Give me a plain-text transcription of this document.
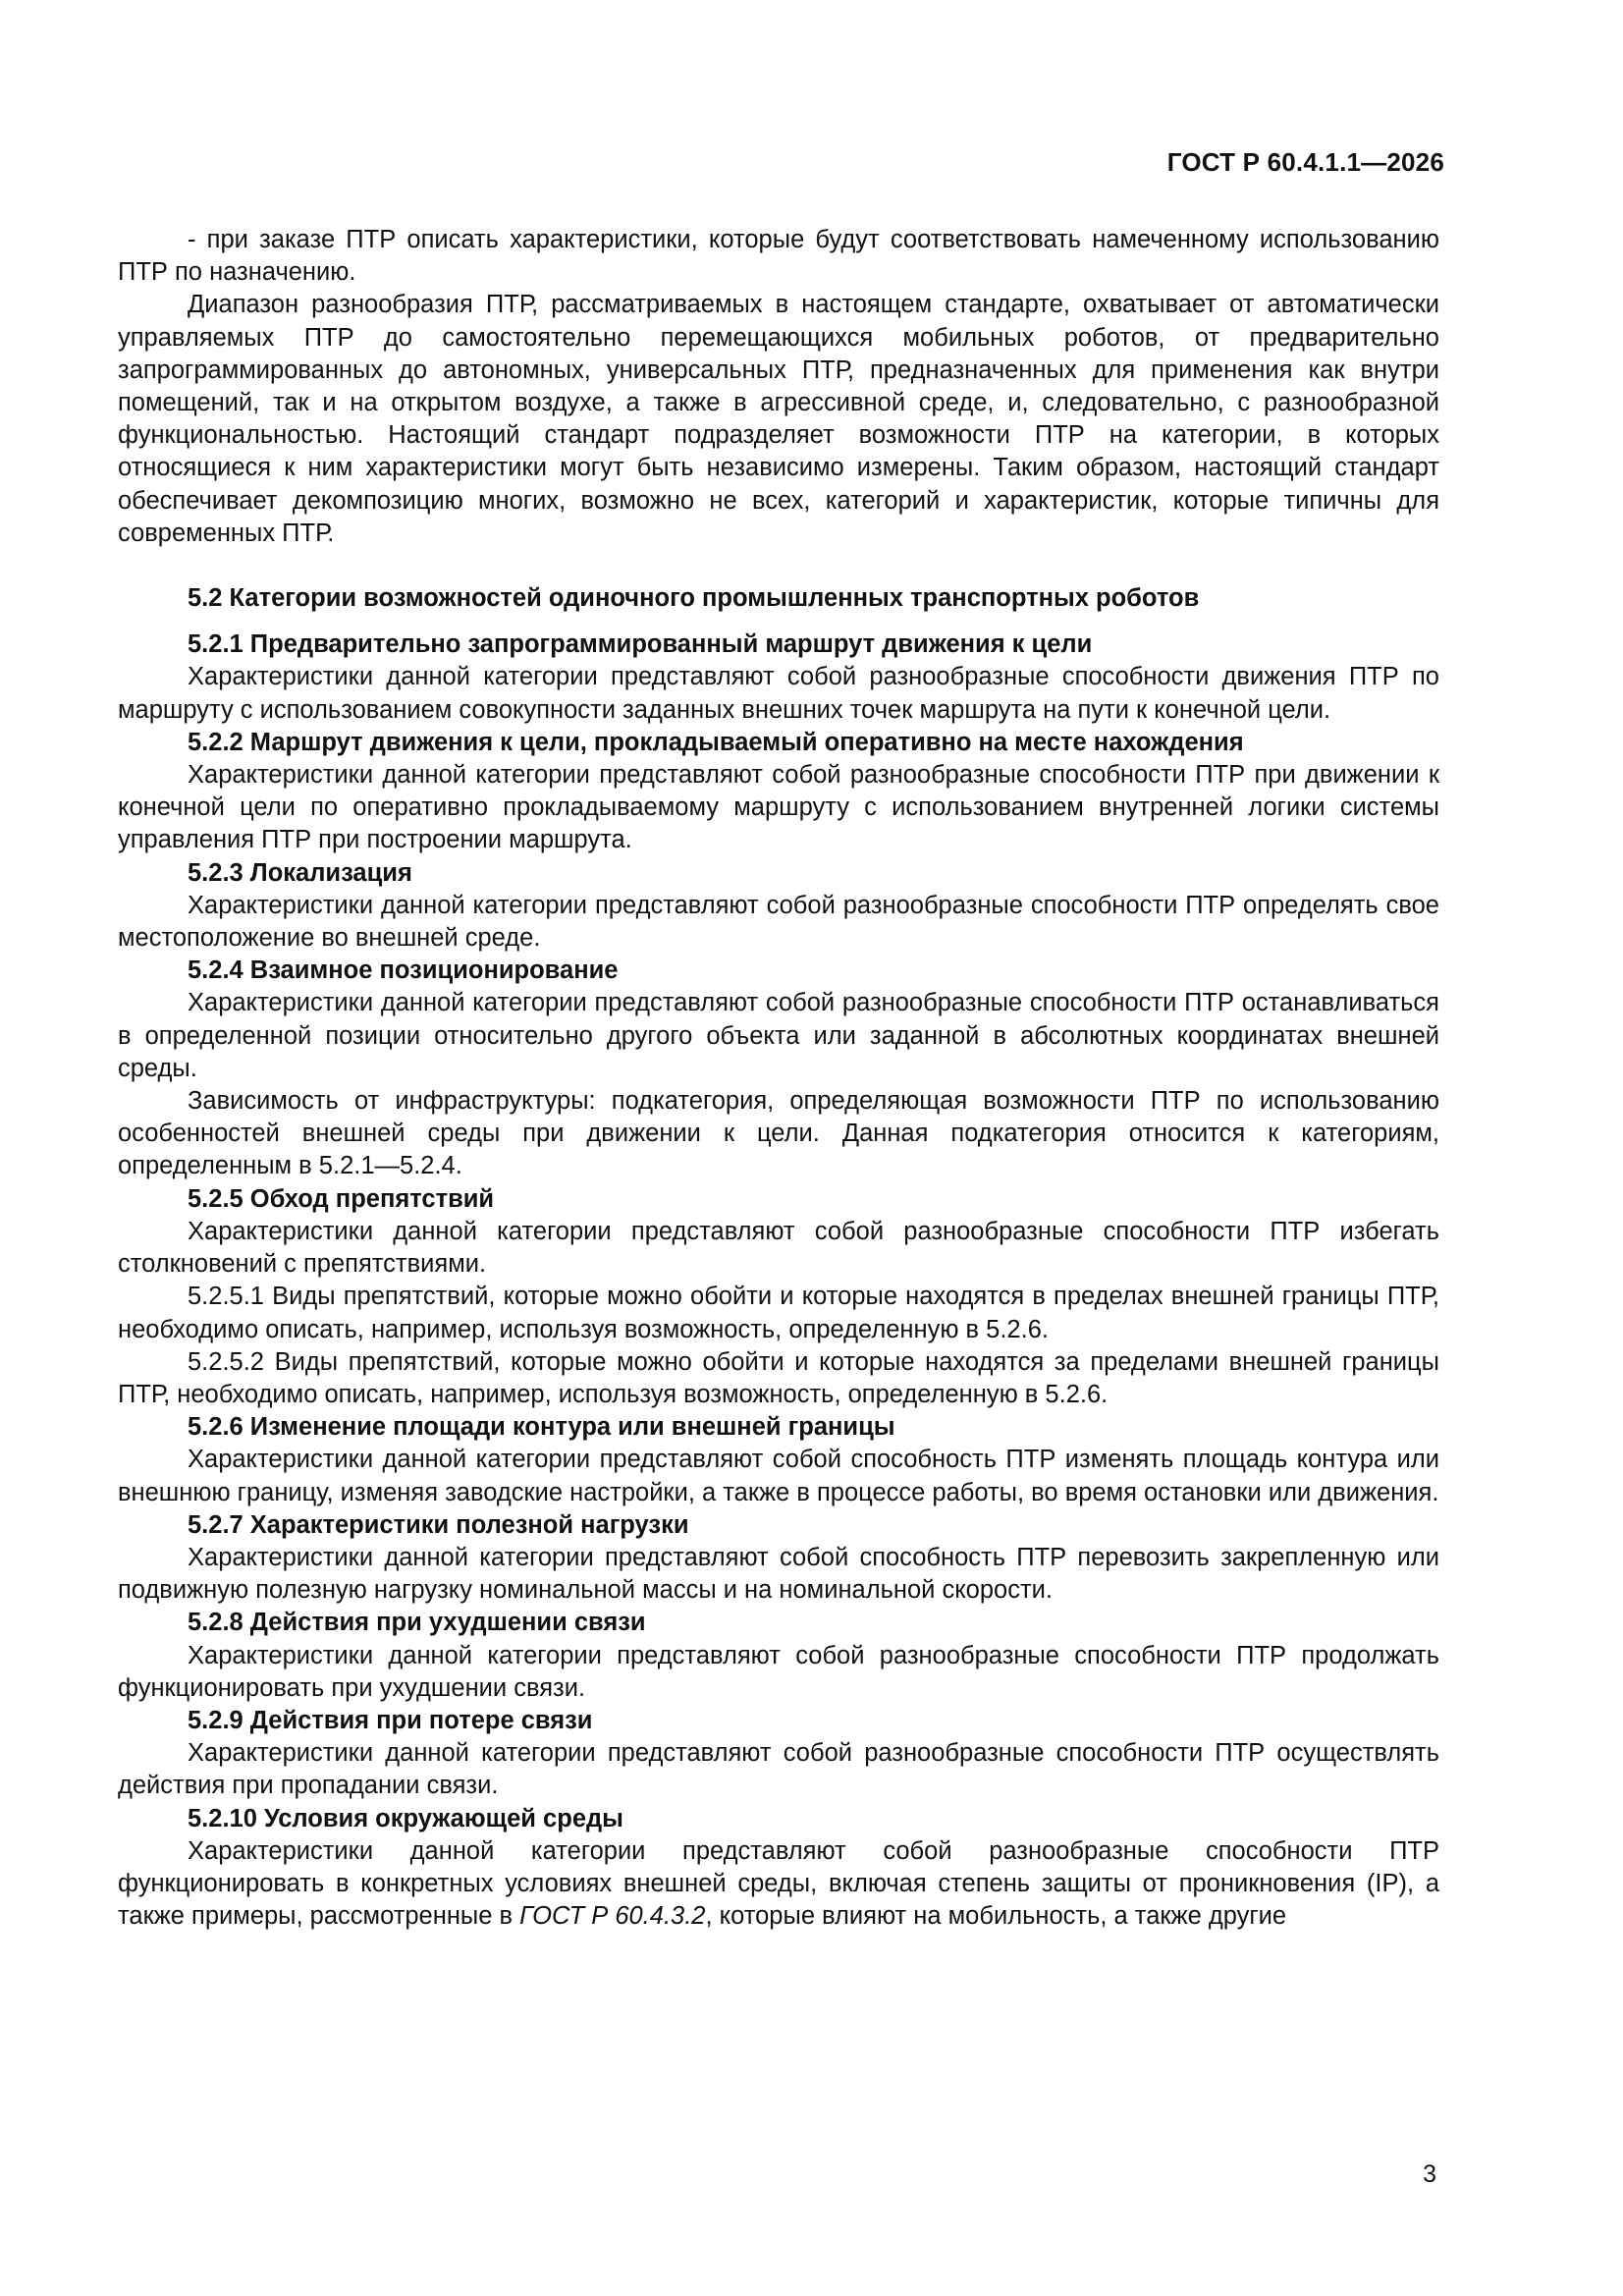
ГОСТ Р 60.4.1.1—2026

- при заказе ПТР описать характеристики, которые будут соответствовать намеченному использованию ПТР по назначению.

Диапазон разнообразия ПТР, рассматриваемых в настоящем стандарте, охватывает от автоматически управляемых ПТР до самостоятельно перемещающихся мобильных роботов, от предварительно запрограммированных до автономных, универсальных ПТР, предназначенных для применения как внутри помещений, так и на открытом воздухе, а также в агрессивной среде, и, следовательно, с разнообразной функциональностью. Настоящий стандарт подразделяет возможности ПТР на категории, в которых относящиеся к ним характеристики могут быть независимо измерены. Таким образом, настоящий стандарт обеспечивает декомпозицию многих, возможно не всех, категорий и характеристик, которые типичны для современных ПТР.

5.2 Категории возможностей одиночного промышленных транспортных роботов

5.2.1 Предварительно запрограммированный маршрут движения к цели

Характеристики данной категории представляют собой разнообразные способности движения ПТР по маршруту с использованием совокупности заданных внешних точек маршрута на пути к конечной цели.

5.2.2 Маршрут движения к цели, прокладываемый оперативно на месте нахождения

Характеристики данной категории представляют собой разнообразные способности ПТР при движении к конечной цели по оперативно прокладываемому маршруту с использованием внутренней логики системы управления ПТР при построении маршрута.

5.2.3 Локализация

Характеристики данной категории представляют собой разнообразные способности ПТР определять свое местоположение во внешней среде.

5.2.4 Взаимное позиционирование

Характеристики данной категории представляют собой разнообразные способности ПТР останавливаться в определенной позиции относительно другого объекта или заданной в абсолютных координатах внешней среды.

Зависимость от инфраструктуры: подкатегория, определяющая возможности ПТР по использованию особенностей внешней среды при движении к цели. Данная подкатегория относится к категориям, определенным в 5.2.1—5.2.4.

5.2.5 Обход препятствий

Характеристики данной категории представляют собой разнообразные способности ПТР избегать столкновений с препятствиями.

5.2.5.1 Виды препятствий, которые можно обойти и которые находятся в пределах внешней границы ПТР, необходимо описать, например, используя возможность, определенную в 5.2.6.

5.2.5.2 Виды препятствий, которые можно обойти и которые находятся за пределами внешней границы ПТР, необходимо описать, например, используя возможность, определенную в 5.2.6.

5.2.6 Изменение площади контура или внешней границы

Характеристики данной категории представляют собой способность ПТР изменять площадь контура или внешнюю границу, изменяя заводские настройки, а также в процессе работы, во время остановки или движения.

5.2.7 Характеристики полезной нагрузки

Характеристики данной категории представляют собой способность ПТР перевозить закрепленную или подвижную полезную нагрузку номинальной массы и на номинальной скорости.

5.2.8 Действия при ухудшении связи

Характеристики данной категории представляют собой разнообразные способности ПТР продолжать функционировать при ухудшении связи.

5.2.9 Действия при потере связи

Характеристики данной категории представляют собой разнообразные способности ПТР осуществлять действия при пропадании связи.

5.2.10 Условия окружающей среды

Характеристики данной категории представляют собой разнообразные способности ПТР функционировать в конкретных условиях внешней среды, включая степень защиты от проникновения (IP), а также примеры, рассмотренные в ГОСТ Р 60.4.3.2, которые влияют на мобильность, а также другие

3
